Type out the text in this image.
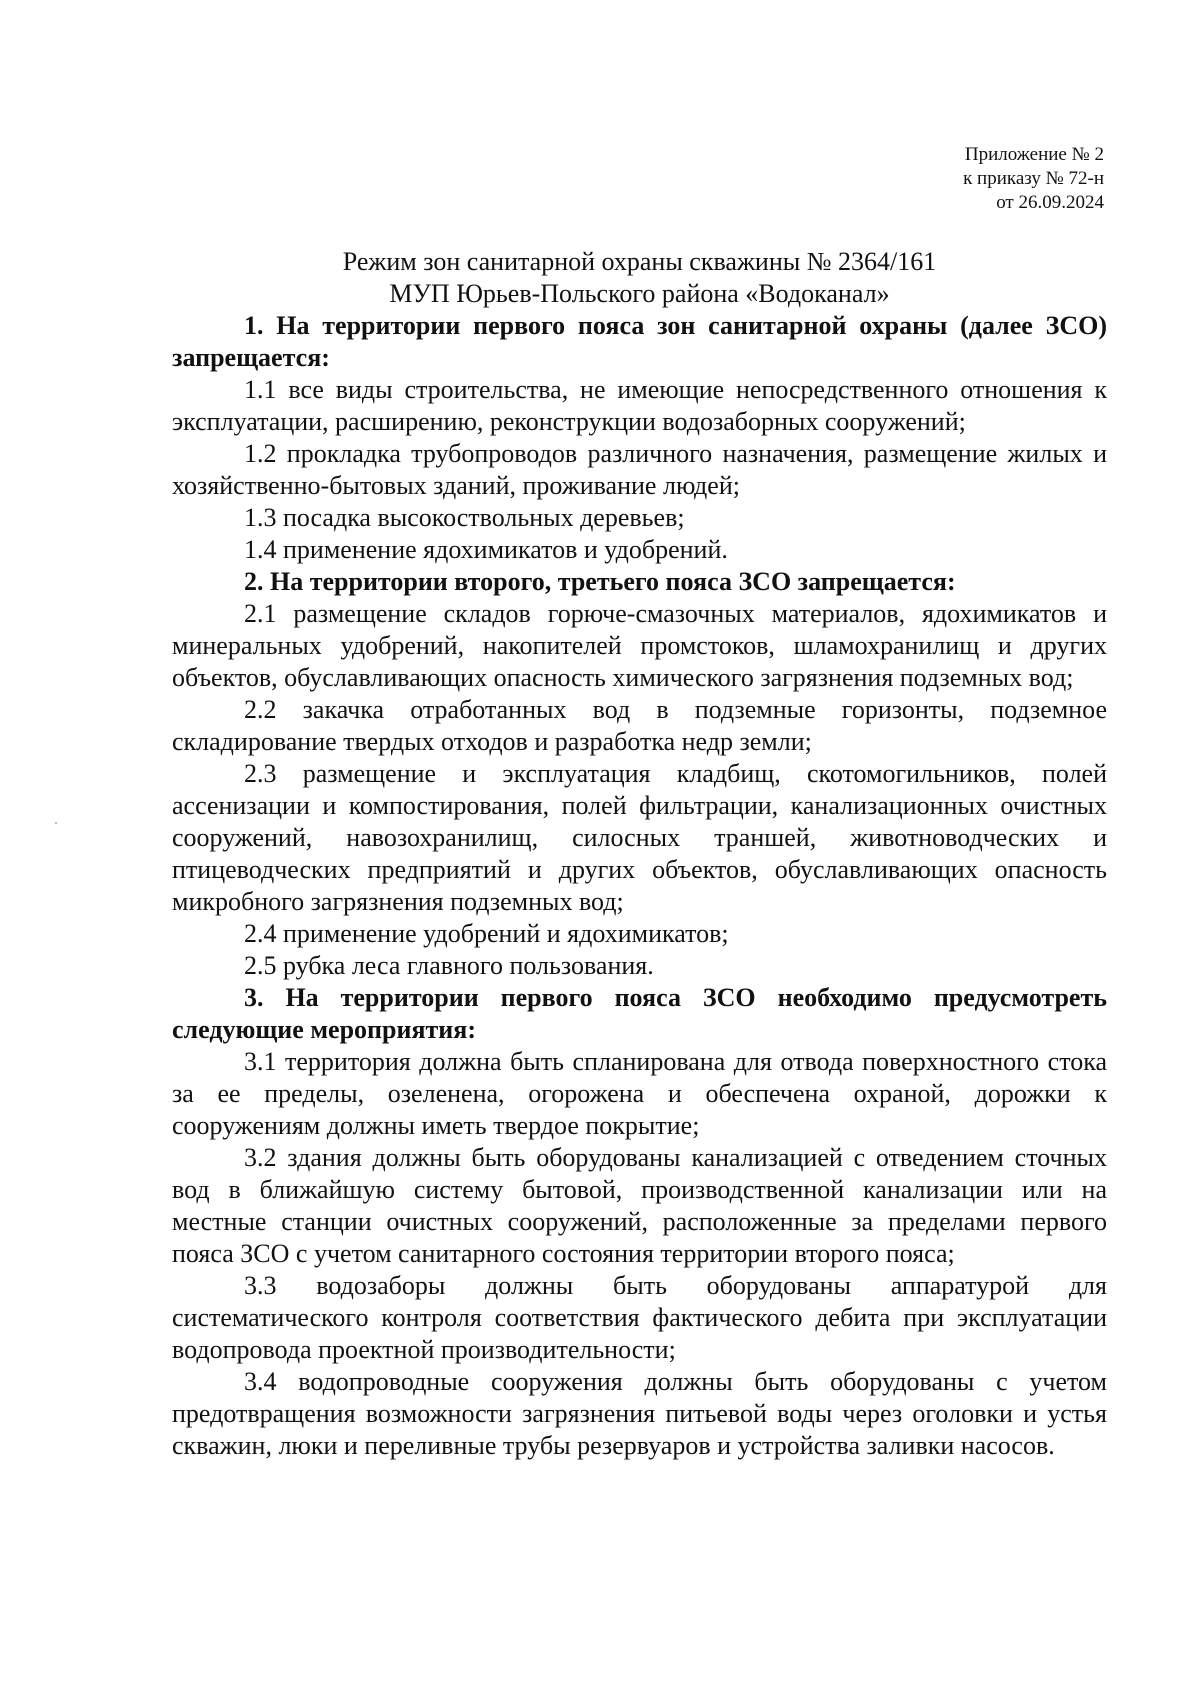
Приложение № 2
к приказу № 72-н
от 26.09.2024

Режим зон санитарной охраны скважины № 2364/161

МУП Юрьев-Польского района «Водоканал»

1. На территории первого пояса зон санитарной охраны (далее ЗСО) запрещается:

1.1 все виды строительства, не имеющие непосредственного отношения к эксплуатации, расширению, реконструкции водозаборных сооружений;

1.2 прокладка трубопроводов различного назначения, размещение жилых и хозяйственно-бытовых зданий, проживание людей;

1.3 посадка высокоствольных деревьев;

1.4 применение ядохимикатов и удобрений.

2. На территории второго, третьего пояса ЗСО запрещается:

2.1 размещение складов горюче-смазочных материалов, ядохимикатов и минеральных удобрений, накопителей промстоков, шламохранилищ и других объектов, обуславливающих опасность химического загрязнения подземных вод;

2.2 закачка отработанных вод в подземные горизонты, подземное складирование твердых отходов и разработка недр земли;

2.3 размещение и эксплуатация кладбищ, скотомогильников, полей ассенизации и компостирования, полей фильтрации, канализационных очистных сооружений, навозохранилищ, силосных траншей, животноводческих и птицеводческих предприятий и других объектов, обуславливающих опасность микробного загрязнения подземных вод;

2.4 применение удобрений и ядохимикатов;

2.5 рубка леса главного пользования.

3. На территории первого пояса ЗСО необходимо предусмотреть следующие мероприятия:

3.1 территория должна быть спланирована для отвода поверхностного стока за ее пределы, озеленена, огорожена и обеспечена охраной, дорожки к сооружениям должны иметь твердое покрытие;

3.2 здания должны быть оборудованы канализацией с отведением сточных вод в ближайшую систему бытовой, производственной канализации или на местные станции очистных сооружений, расположенные за пределами первого пояса ЗСО с учетом санитарного состояния территории второго пояса;

3.3 водозаборы должны быть оборудованы аппаратурой для систематического контроля соответствия фактического дебита при эксплуатации водопровода проектной производительности;

3.4 водопроводные сооружения должны быть оборудованы с учетом предотвращения возможности загрязнения питьевой воды через оголовки и устья скважин, люки и переливные трубы резервуаров и устройства заливки насосов.
